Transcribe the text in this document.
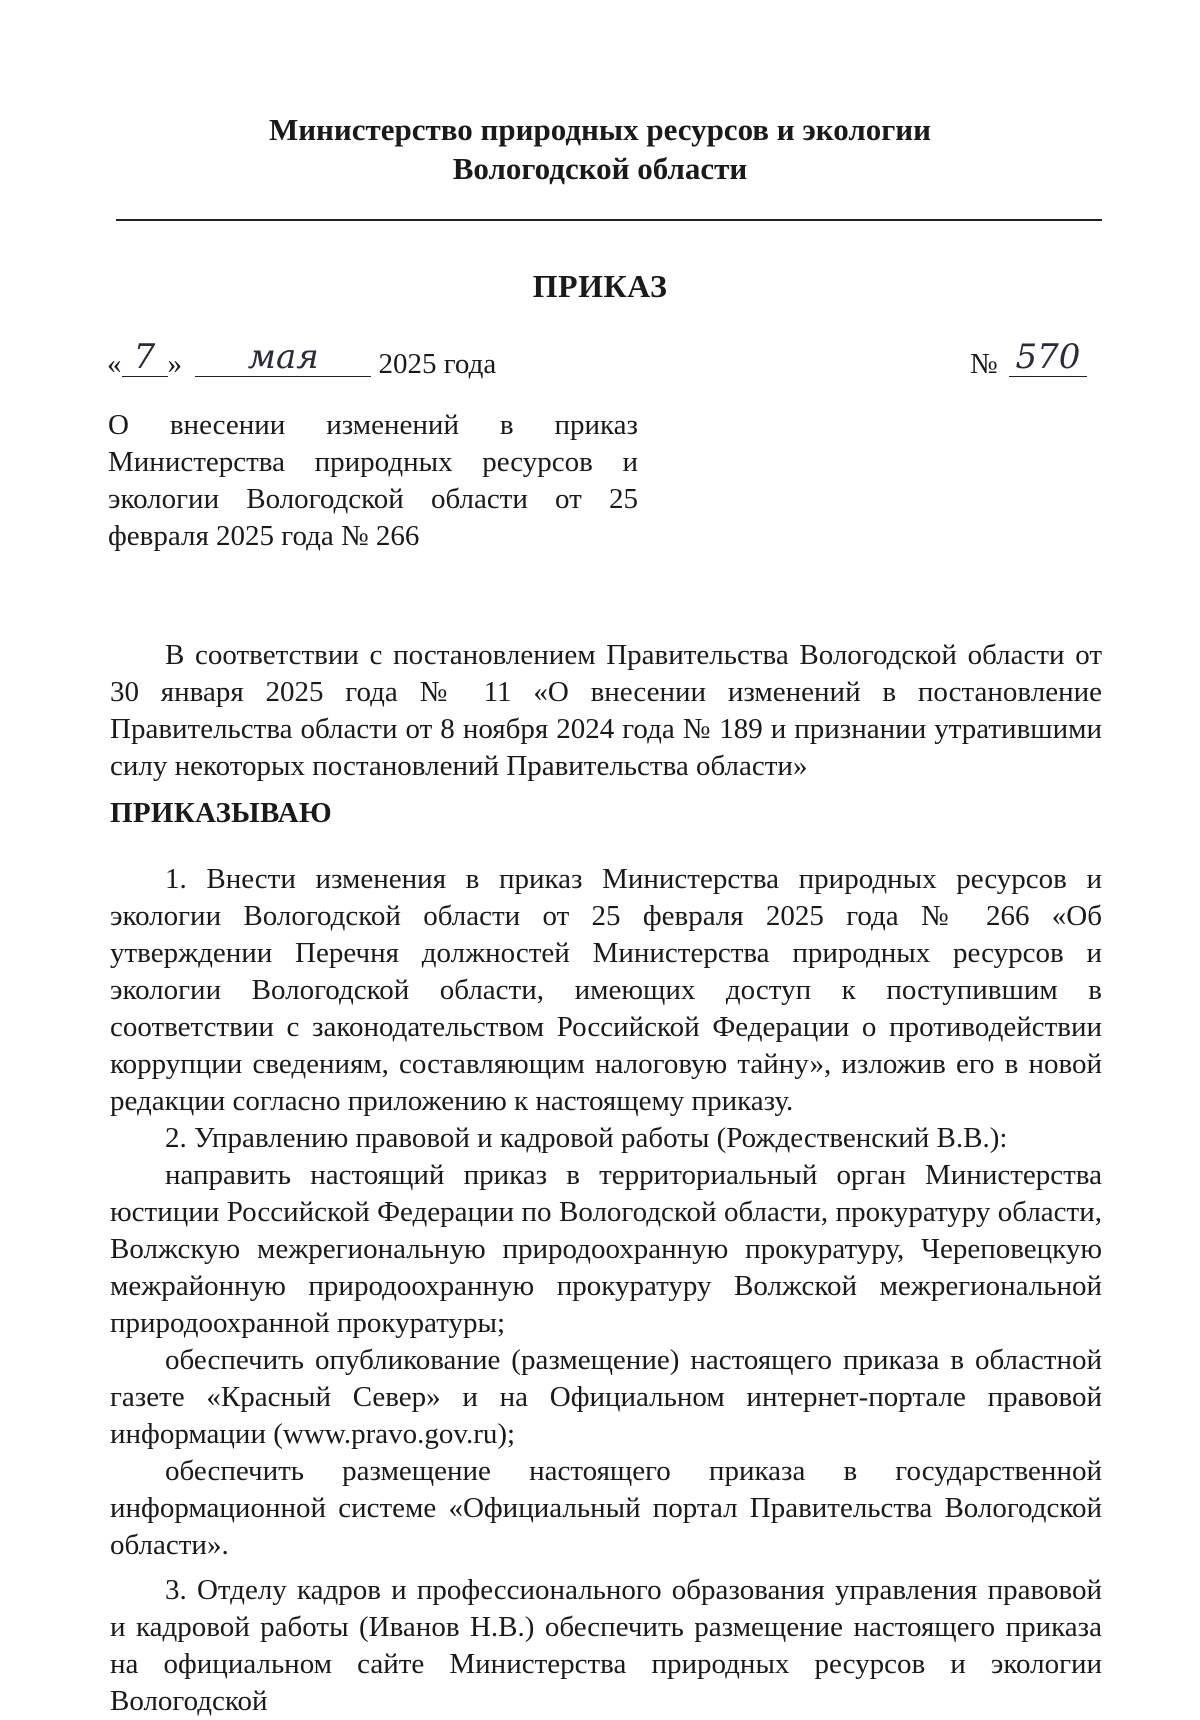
Министерство природных ресурсов и экологии
Вологодской области
ПРИКАЗ
« 7 »	мая	2025 года	№ 570
О внесении изменений в приказ Министерства природных ресурсов и экологии Вологодской области от 25 февраля 2025 года № 266

В соответствии с постановлением Правительства Вологодской области от 30 января 2025 года № 11 «О внесении изменений в постановление Правительства области от 8 ноября 2024 года № 189 и признании утратившими силу некоторых постановлений Правительства области»

ПРИКАЗЫВАЮ

1. Внести изменения в приказ Министерства природных ресурсов и экологии Вологодской области от 25 февраля 2025 года № 266 «Об утверждении Перечня должностей Министерства природных ресурсов и экологии Вологодской области, имеющих доступ к поступившим в соответствии с законодательством Российской Федерации о противодействии коррупции сведениям, составляющим налоговую тайну», изложив его в новой редакции согласно приложению к настоящему приказу.

2. Управлению правовой и кадровой работы (Рождественский В.В.):

направить настоящий приказ в территориальный орган Министерства юстиции Российской Федерации по Вологодской области, прокуратуру области, Волжскую межрегиональную природоохранную прокуратуру, Череповецкую межрайонную природоохранную прокуратуру Волжской межрегиональной природоохранной прокуратуры;

обеспечить опубликование (размещение) настоящего приказа в областной газете «Красный Север» и на Официальном интернет-портале правовой информации (www.pravo.gov.ru);

обеспечить размещение настоящего приказа в государственной информационной системе «Официальный портал Правительства Вологодской области».

3. Отделу кадров и профессионального образования управления правовой и кадровой работы (Иванов Н.В.) обеспечить размещение настоящего приказа на официальном сайте Министерства природных ресурсов и экологии Вологодской
